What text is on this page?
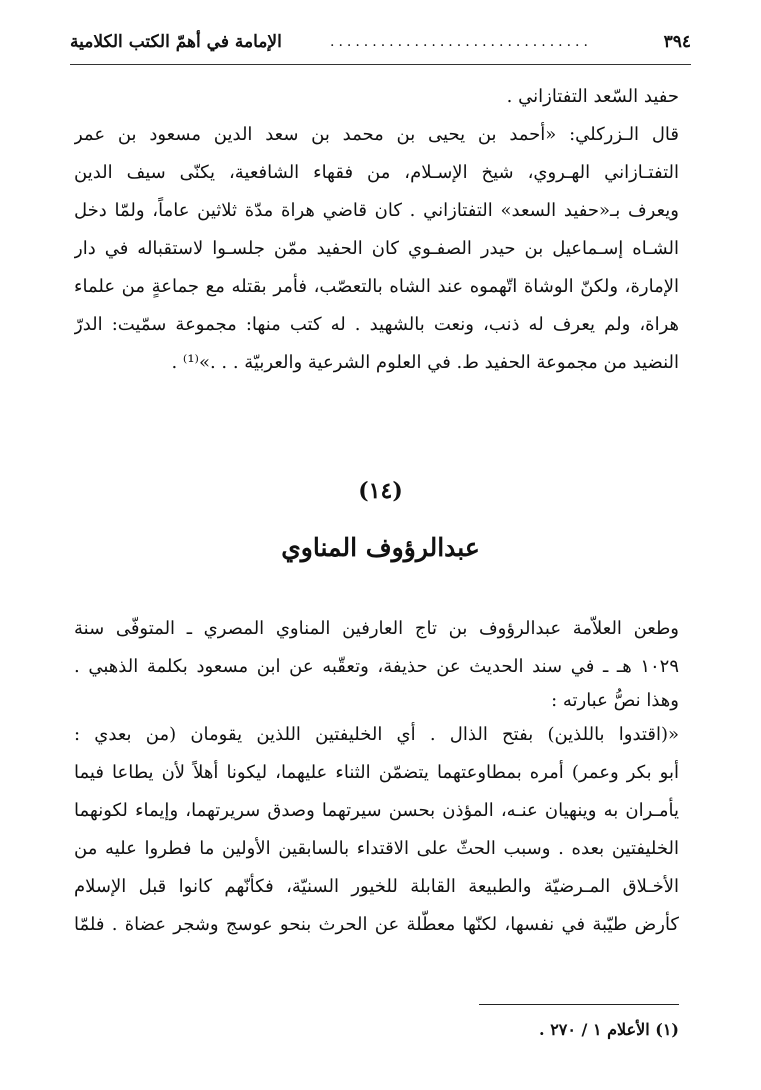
٣٩٤
...............................
الإمامة في أهمّ الكتب الكلامية
حفيد السّعد التفتازاني .
قال الـزركلي: «أحمد بن يحيى بن محمد بن سعد الدين مسعود بن عمر
التفتـازاني الهـروي، شيخ الإسـلام، من فقهاء الشافعية، يكنّى سيف الدين
ويعرف بـ«حفيد السعد» التفتازاني . كان قاضي هراة مدّة ثلاثين عاماً، ولمّا دخل
الشـاه إسـماعيل بن حيدر الصفـوي كان الحفيد ممّن جلسـوا لاستقباله في دار
الإمارة، ولكنّ الوشاة اتّهموه عند الشاه بالتعصّب، فأمر بقتله مع جماعةٍ من علماء
هراة، ولم يعرف له ذنب، ونعت بالشهيد . له كتب منها: مجموعة سمّيت: الدرّ
النضيد من مجموعة الحفيد ط. في العلوم الشرعية والعربيّة . . .»⁽¹⁾ .
(١٤)
عبدالرؤوف المناوي
وطعن العلاّمة عبدالرؤوف بن تاج العارفين المناوي المصري ـ المتوفّى سنة
١٠٢٩ هـ ـ في سند الحديث عن حذيفة، وتعقّبه عن ابن مسعود بكلمة الذهبي .
وهذا نصُّ عبارته :
«(اقتدوا باللذين) بفتح الذال . أي الخليفتين اللذين يقومان (من بعدي :
أبو بكر وعمر) أمره بمطاوعتهما يتضمّن الثناء عليهما، ليكونا أهلاً لأن يطاعا فيما
يأمـران به وينهيان عنـه، المؤذن بحسن سيرتهما وصدق سريرتهما، وإيماء لكونهما
الخليفتين بعده . وسبب الحثّ على الاقتداء بالسابقين الأولين ما فطروا عليه من
الأخـلاق المـرضيّة والطبيعة القابلة للخيور السنيّة، فكأنّهم كانوا قبل الإسلام
كأرض طيّبة في نفسها، لكنّها معطّلة عن الحرث بنحو عوسج وشجر عضاة . فلمّا
(١) الأعلام ١ / ٢٧٠ .
